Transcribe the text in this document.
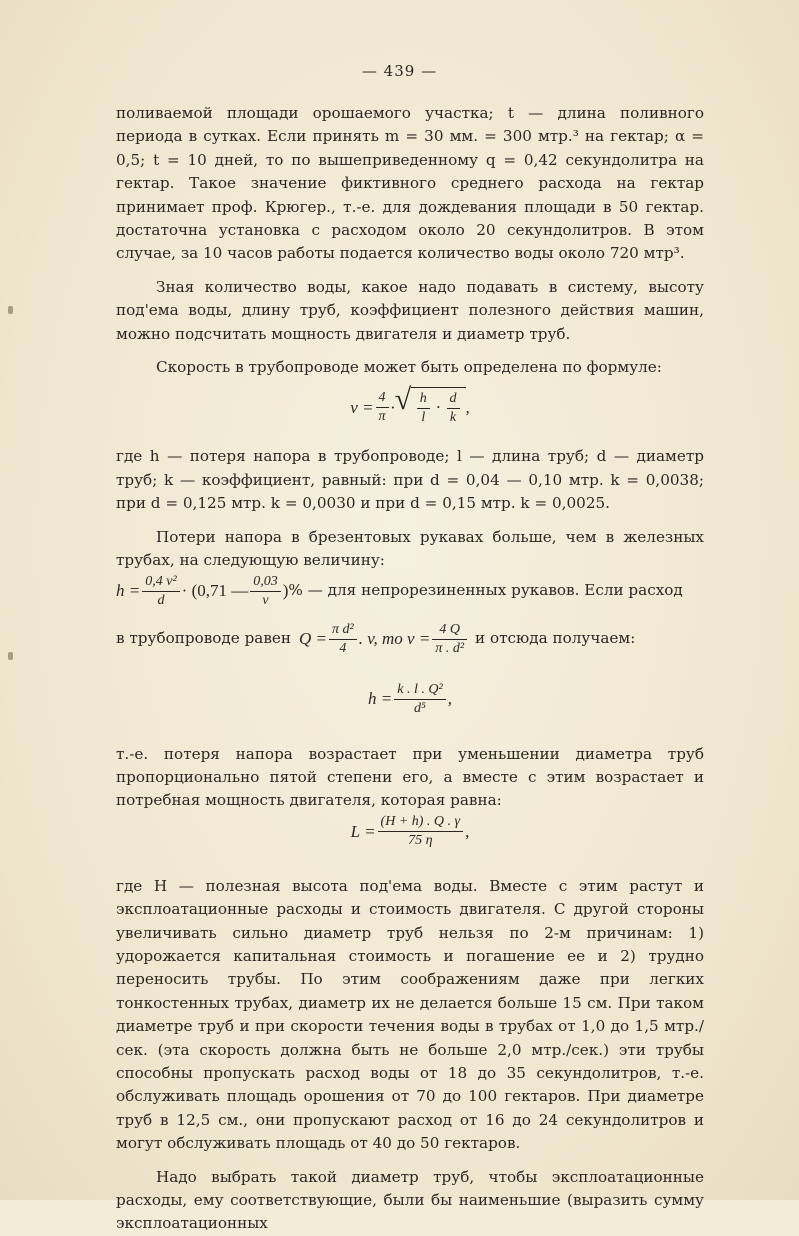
— 439 —

поливаемой площади орошаемого участка; t — длина поливного периода в сутках. Если принять m = 30 мм. = 300 мтр.³ на гектар; α = 0,5; t = 10 дней, то по вышеприведенному q = 0,42 секундолитра на гектар. Такое значение фиктивного среднего расхода на гектар принимает проф. Крюгер., т.-е. для дождевания площади в 50 гектар. достаточна установка с расходом около 20 секундолитров. В этом случае, за 10 часов работы подается количество воды около 720 мтр³.

Зная количество воды, какое надо подавать в систему, высоту под'ема воды, длину труб, коэффициент полезного действия машин, можно подсчитать мощность двигателя и диаметр труб.

Скорость в трубопроводе может быть определена по формуле:

$v = \frac{4}{\pi}$ · √ $\frac{h}{l} \cdot \frac{d}{k}$ ,

где h — потеря напора в трубопроводе; l — длина труб; d — диаметр труб; k — коэффициент, равный: при d = 0,04 — 0,10 мтр. k = 0,0038; при d = 0,125 мтр. k = 0,0030 и при d = 0,15 мтр. k = 0,0025.

Потери напора в брезентовых рукавах больше, чем в железных трубах, на следующую величину:

$h = \frac{\text{0,4 v²}}{d} \cdot (0,71$ — $\frac{0,03}{v}$ ) % — для непрорезиненных рукавов. Если расход
в трубопроводе равен $Q = \frac{\text{π d²}}{4}$ . v, то $v = \frac{4 Q}{\text{π . d²}}$ и отсюда получаем:
$h = \frac{\text{k . l . Q²}}{\text{d⁵}}$ ,

т.-е. потеря напора возрастает при уменьшении диаметра труб пропорционально пятой степени его, а вместе с этим возрастает и потребная мощность двигателя, которая равна:

$L = \frac{(H + h) . Q . \gamma}{75 \eta}$ ,

где H — полезная высота под'ема воды. Вместе с этим растут и эксплоатационные расходы и стоимость двигателя. С другой стороны увеличивать сильно диаметр труб нельзя по 2-м причинам: 1) удорожается капитальная стоимость и погашение ее и 2) трудно переносить трубы. По этим соображениям даже при легких тонкостенных трубах, диаметр их не делается больше 15 см. При таком диаметре труб и при скорости течения воды в трубах от 1,0 до 1,5 мтр./сек. (эта скорость должна быть не больше 2,0 мтр./сек.) эти трубы способны пропускать расход воды от 18 до 35 секундолитров, т.-е. обслуживать площадь орошения от 70 до 100 гектаров. При диаметре труб в 12,5 см., они пропускают расход от 16 до 24 секундолитров и могут обслуживать площадь от 40 до 50 гектаров.

Надо выбрать такой диаметр труб, чтобы эксплоатационные расходы, ему соответствующие, были бы наименьшие (выразить сумму эксплоатационных
